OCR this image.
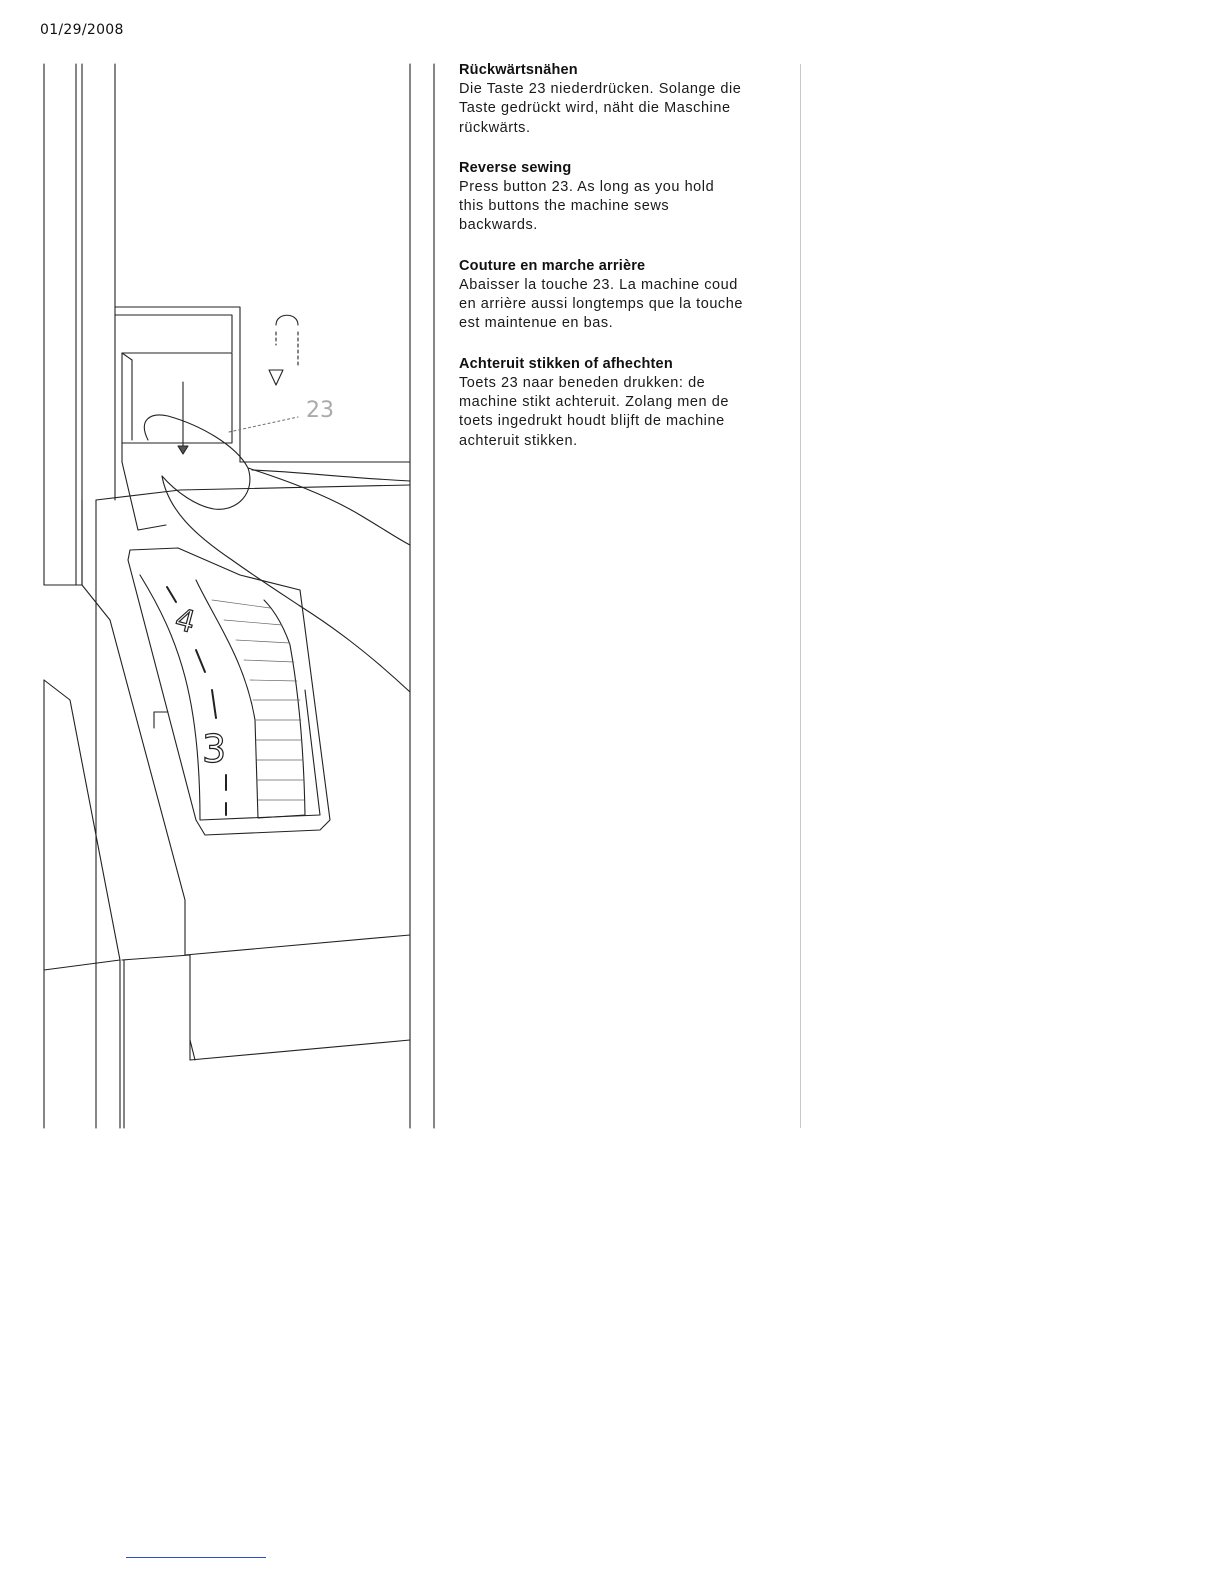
01/29/2008
4
3
23
Rückwärtsnähen

Die Taste 23 niederdrücken. Solange die
Taste gedrückt wird, näht die Maschine
rückwärts.

Reverse sewing

Press button 23. As long as you hold
this buttons the machine sews
backwards.

Couture en marche arrière

Abaisser la touche 23. La machine coud
en arrière aussi longtemps que la touche
est maintenue en bas.

Achteruit stikken of afhechten

Toets 23 naar beneden drukken: de
machine stikt achteruit. Zolang men de
toets ingedrukt houdt blijft de machine
achteruit stikken.
